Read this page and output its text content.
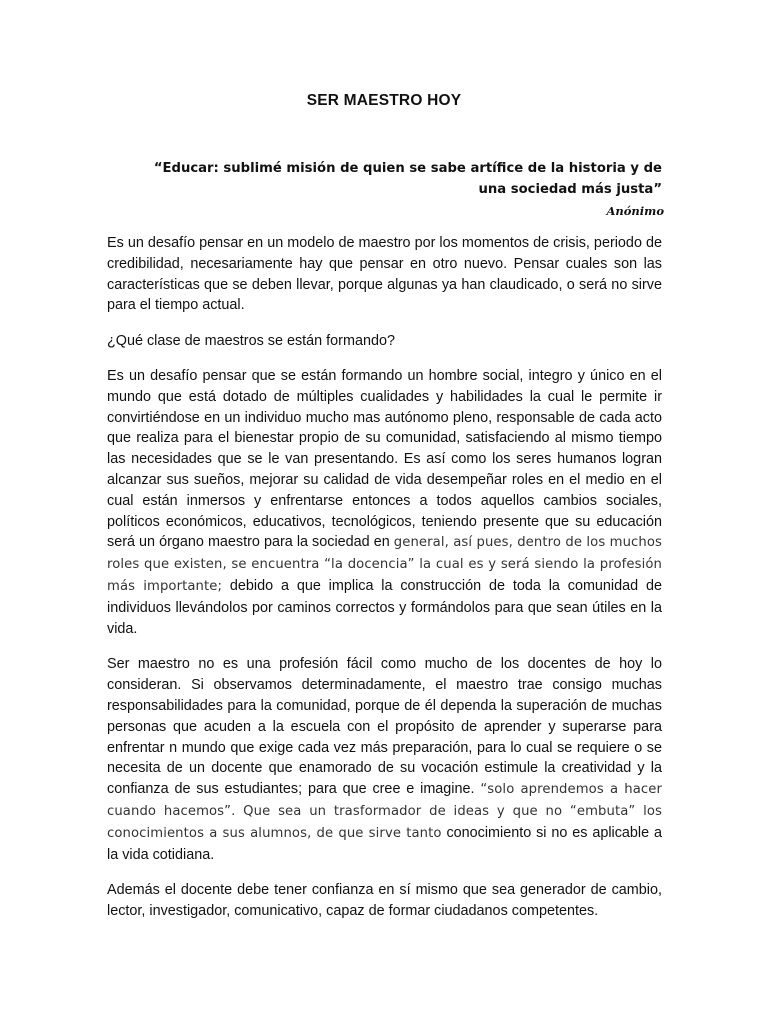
SER MAESTRO HOY
“Educar: sublimé misión de quien se sabe artífice de la historia y de una sociedad más justa”
Anónimo

Es un desafío pensar en un modelo de maestro por los momentos de crisis, periodo de credibilidad, necesariamente hay que pensar en otro nuevo. Pensar cuales son las características que se deben llevar, porque algunas ya han claudicado, o será no sirve para el tiempo actual.

¿Qué clase de maestros se están formando?

Es un desafío pensar que se están formando un hombre social, integro y único en el mundo que está dotado de múltiples cualidades y habilidades la cual le permite ir convirtiéndose en un individuo mucho mas autónomo pleno, responsable de cada acto que realiza para el bienestar propio de su comunidad, satisfaciendo al mismo tiempo las necesidades que se le van presentando. Es así como los seres humanos logran alcanzar sus sueños, mejorar su calidad de vida desempeñar roles en el medio en el cual están inmersos y enfrentarse entonces a todos aquellos cambios sociales, políticos económicos, educativos, tecnológicos, teniendo presente que su educación será un órgano maestro para la sociedad en general, así pues, dentro de los muchos roles que existen, se encuentra “la docencia” la cual es y será siendo la profesión más importante; debido a que implica la construcción de toda la comunidad de individuos llevándolos por caminos correctos y formándolos para que sean útiles en la vida.

Ser maestro no es una profesión fácil como mucho de los docentes de hoy lo consideran. Si observamos determinadamente, el maestro trae consigo muchas responsabilidades para la comunidad, porque de él dependa la superación de muchas personas que acuden a la escuela con el propósito de aprender y superarse para enfrentar n mundo que exige cada vez más preparación, para lo cual se requiere o se necesita de un docente que enamorado de su vocación estimule la creatividad y la confianza de sus estudiantes; para que cree e imagine. “solo aprendemos a hacer cuando hacemos”. Que sea un trasformador de ideas y que no “embuta” los conocimientos a sus alumnos, de que sirve tanto conocimiento si no es aplicable a la vida cotidiana.

Además el docente debe tener confianza en sí mismo que sea generador de cambio, lector, investigador, comunicativo, capaz de formar ciudadanos competentes.
